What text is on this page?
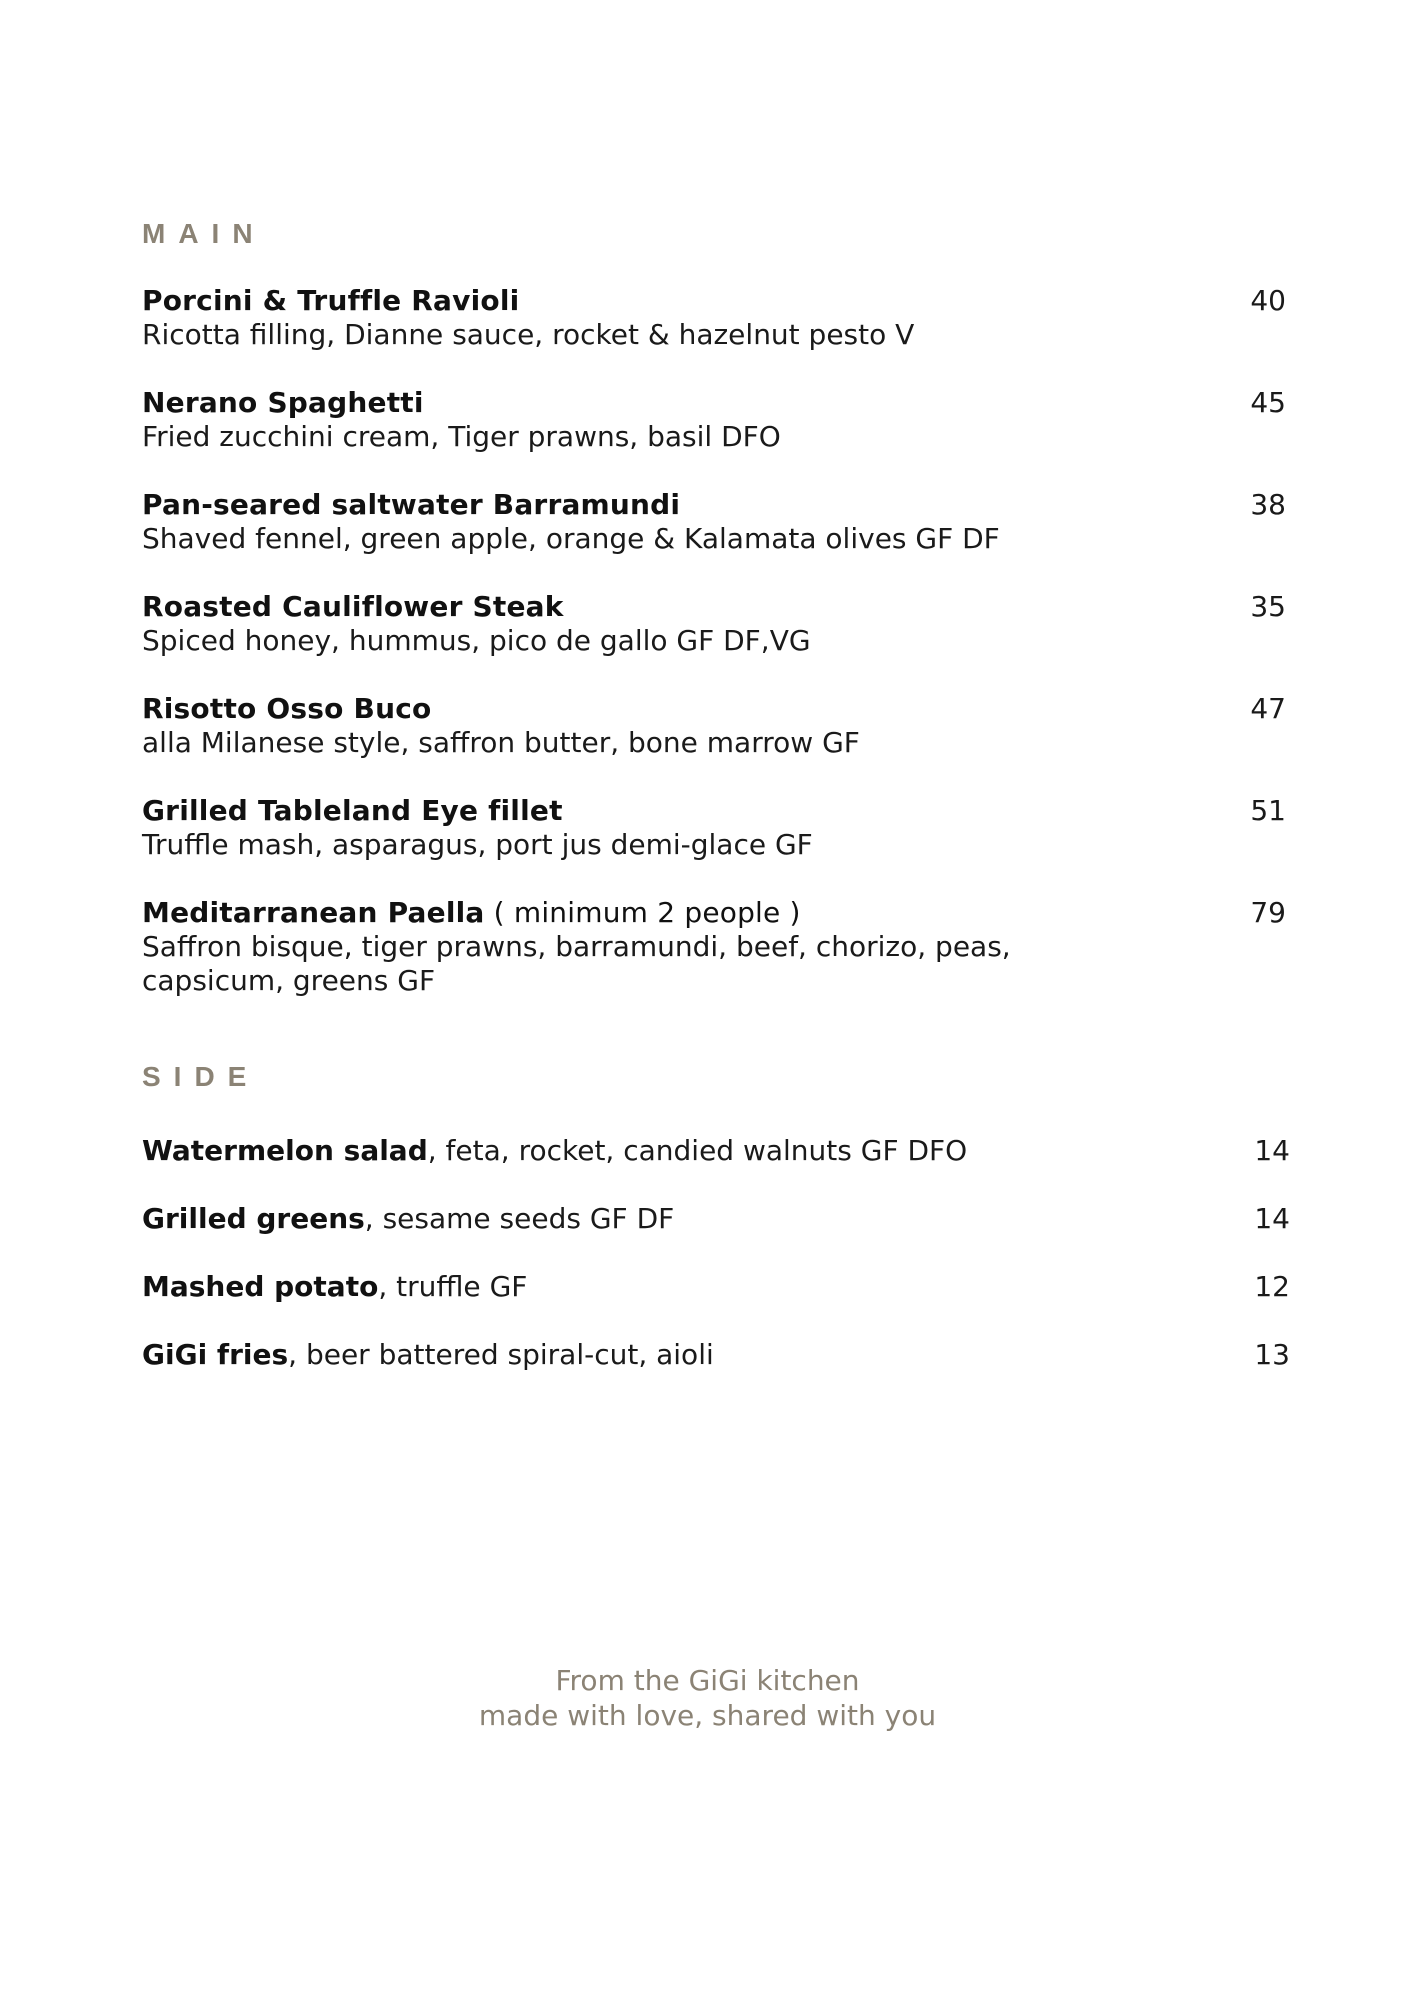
MAIN
Porcini & Truffle Ravioli
Ricotta filling, Dianne sauce, rocket & hazelnut pesto V
40
Nerano Spaghetti
Fried zucchini cream, Tiger prawns, basil DFO
45
Pan-seared saltwater Barramundi
Shaved fennel, green apple, orange & Kalamata olives GF DF
38
Roasted Cauliflower Steak
Spiced honey, hummus, pico de gallo GF DF,VG
35
Risotto Osso Buco
alla Milanese style, saffron butter, bone marrow GF
47
Grilled Tableland Eye fillet
Truffle mash, asparagus, port jus demi-glace GF
51
Meditarranean Paella ( minimum 2 people )
Saffron bisque, tiger prawns, barramundi, beef, chorizo, peas, capsicum, greens GF
79
SIDE
Watermelon salad, feta, rocket, candied walnuts GF DFO	14
Grilled greens, sesame seeds GF DF	14
Mashed potato, truffle GF	12
GiGi fries, beer battered spiral-cut, aioli	13
From the GiGi kitchen
made with love, shared with you
